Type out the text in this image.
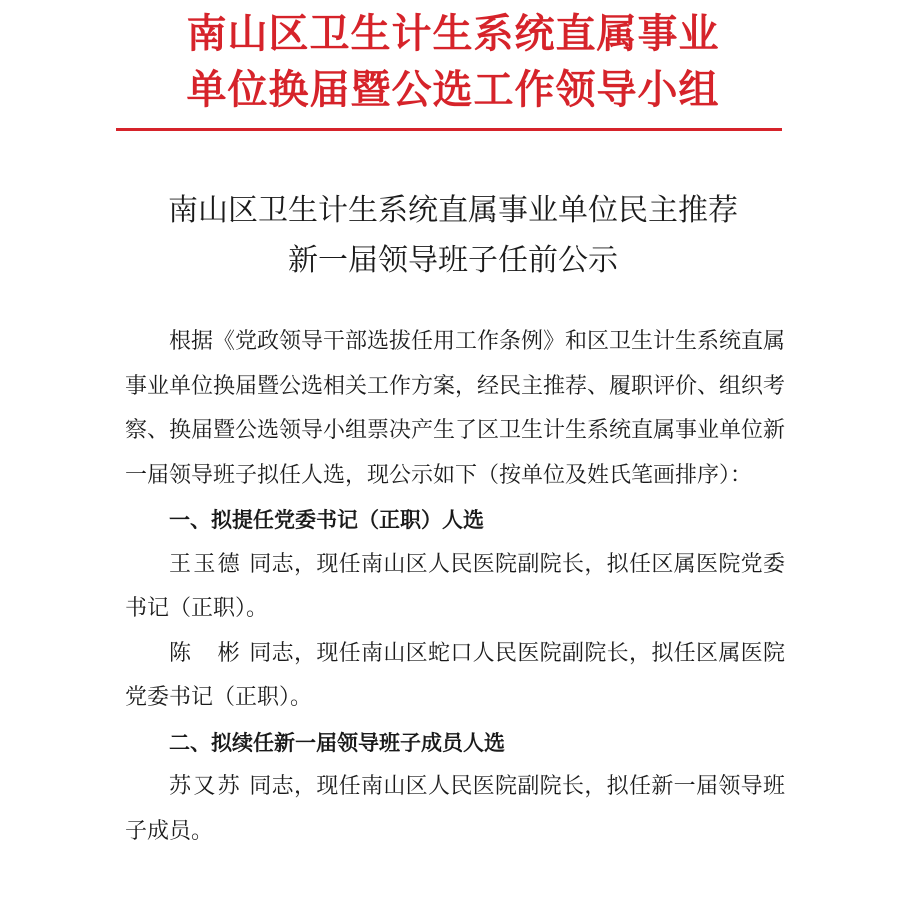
南山区卫生计生系统直属事业
单位换届暨公选工作领导小组
南山区卫生计生系统直属事业单位民主推荐
新一届领导班子任前公示

根据《党政领导干部选拔任用工作条例》和区卫生计生系统直属事业单位换届暨公选相关工作方案，经民主推荐、履职评价、组织考察、换届暨公选领导小组票决产生了区卫生计生系统直属事业单位新一届领导班子拟任人选，现公示如下（按单位及姓氏笔画排序）：

一、拟提任党委书记（正职）人选

王玉德 同志，现任南山区人民医院副院长，拟任区属医院党委书记（正职）。

陈　彬 同志，现任南山区蛇口人民医院副院长，拟任区属医院党委书记（正职）。

二、拟续任新一届领导班子成员人选

苏又苏 同志，现任南山区人民医院副院长，拟任新一届领导班子成员。
